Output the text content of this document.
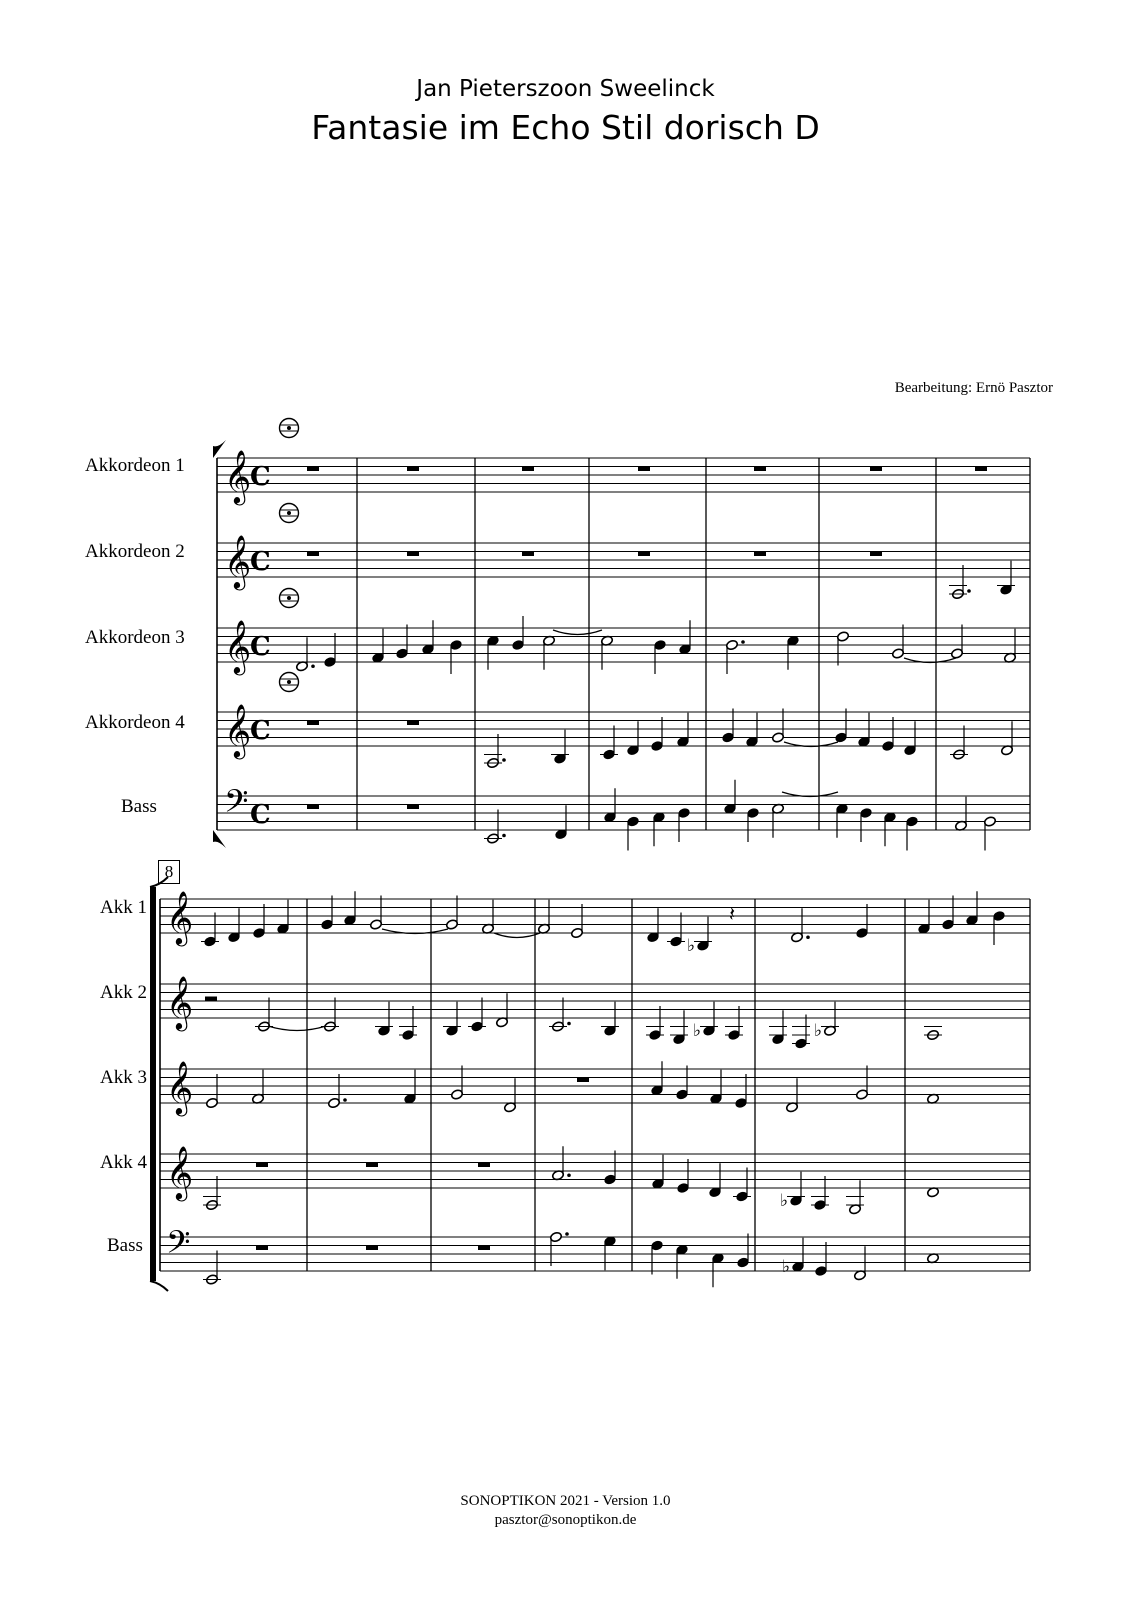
Jan Pieterszoon Sweelinck
Fantasie im Echo Stil dorisch D
Bearbeitung: Ernö Pasztor
Akkordeon 1
Akkordeon 2
Akkordeon 3
Akkordeon 4
Bass
8
Akk 1
Akk 2
Akk 3
Akk 4
Bass
SONOPTIKON 2021 - Version 1.0
pasztor@sonoptikon.de
𝄞
C
𝄞
C
𝄞
C
𝄞
C
𝄢 C
𝄞
𝄞
𝄞
𝄞
𝄢
♭
𝄽
♭	♭
♭
♭
